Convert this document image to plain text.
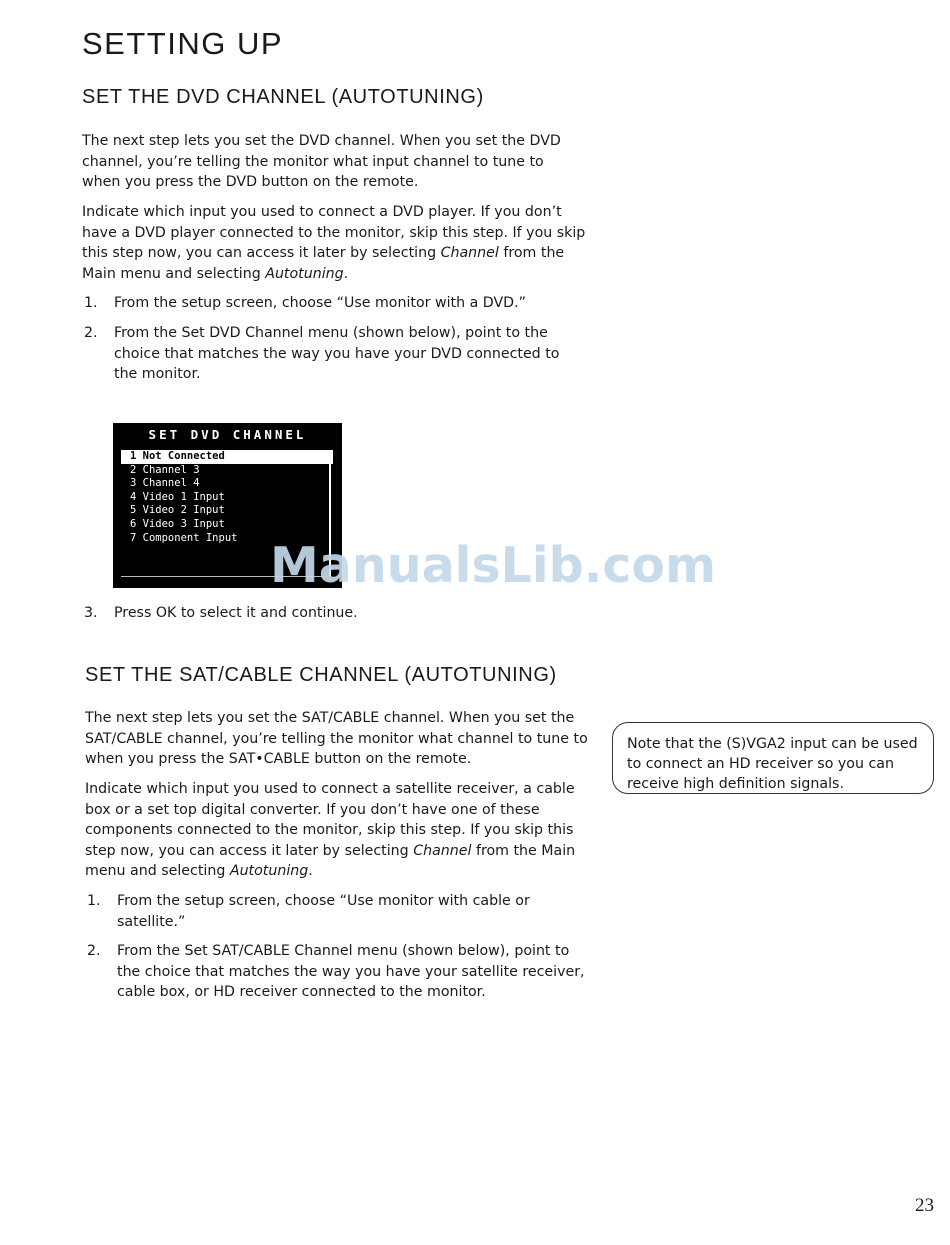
SETTING UP
SET THE DVD CHANNEL (AUTOTUNING)
The next step lets you set the DVD channel. When you set the DVD
channel, you’re telling the monitor what input channel to tune to
when you press the DVD button on the remote.
Indicate which input you used to connect a DVD player. If you don’t
have a DVD player connected to the monitor, skip this step. If you skip
this step now, you can access it later by selecting Channel from the
Main menu and selecting Autotuning.
1. From the setup screen, choose “Use monitor with a DVD.”
2. From the Set DVD Channel menu (shown below), point to the
choice that matches the way you have your DVD connected to
the monitor.
SET DVD CHANNEL
1 Not Connected
2 Channel 3
3 Channel 4
4 Video 1 Input
5 Video 2 Input
6 Video 3 Input
7 Component Input ManualsLib.com
3. Press OK to select it and continue.
SET THE SAT/CABLE CHANNEL (AUTOTUNING)
The next step lets you set the SAT/CABLE channel. When you set the
SAT/CABLE channel, you’re telling the monitor what channel to tune to
when you press the SAT•CABLE button on the remote.
Indicate which input you used to connect a satellite receiver, a cable
box or a set top digital converter. If you don’t have one of these
components connected to the monitor, skip this step. If you skip this
step now, you can access it later by selecting Channel from the Main
menu and selecting Autotuning.
1. From the setup screen, choose “Use monitor with cable or
satellite.”
2. From the Set SAT/CABLE Channel menu (shown below), point to
the choice that matches the way you have your satellite receiver,
cable box, or HD receiver connected to the monitor.
Note that the (S)VGA2 input can be used
to connect an HD receiver so you can
receive high definition signals.
23
